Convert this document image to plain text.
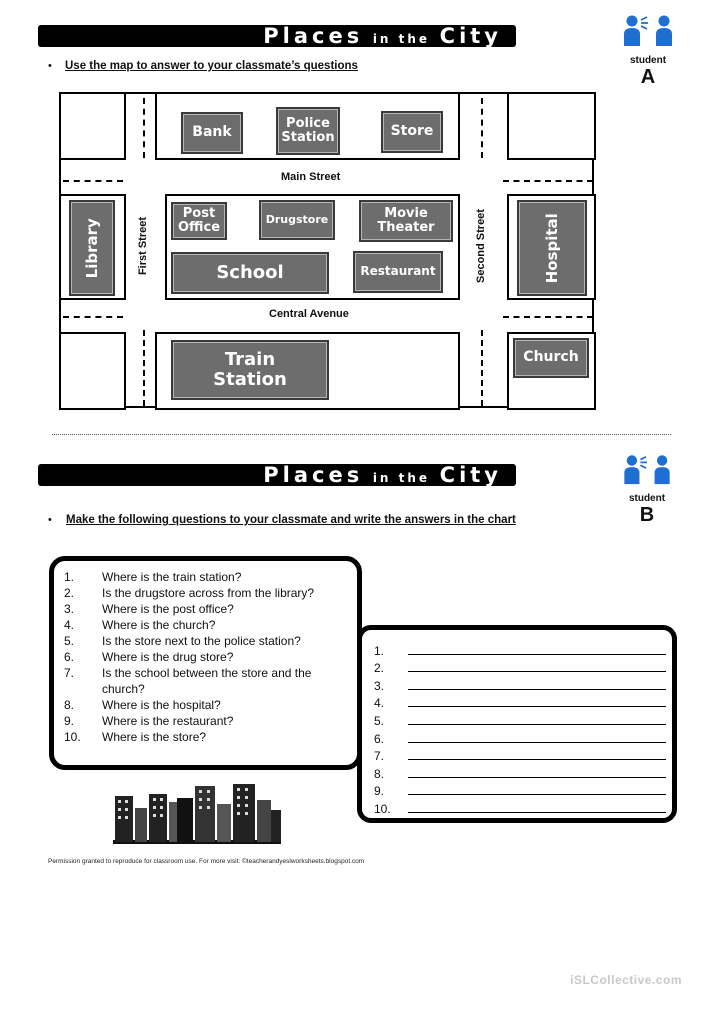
Places in the City
student
A
• Use the map to answer to your classmate’s questions
Main Street
Central Avenue
First Street	Second Street
Bank
Police
Station	Store
Post
Office
Drugstore	Movie
Theater
School	Restaurant
Library	Hospital
Train
Station
Church
Places in the City
student
B
• Make the following questions to your classmate and write the answers in the chart
1.	Where is the train station?
2.	Is the drugstore across from the library?
3.	Where is the post office?
4.	Where is the church?
5.	Is the store next to the police station?
6.	Where is the drug store?
7.	Is the school between the store and the church?
8.	Where is the hospital?
9.	Where is the restaurant?
10.	Where is the store?
1.
2.
3.
4.
5.
6.
7.
8.
9.
10.
Permission granted to reproduce for classroom use. For more visit: ©teacherandyeslworksheets.blogspot.com
iSLCollective.com
